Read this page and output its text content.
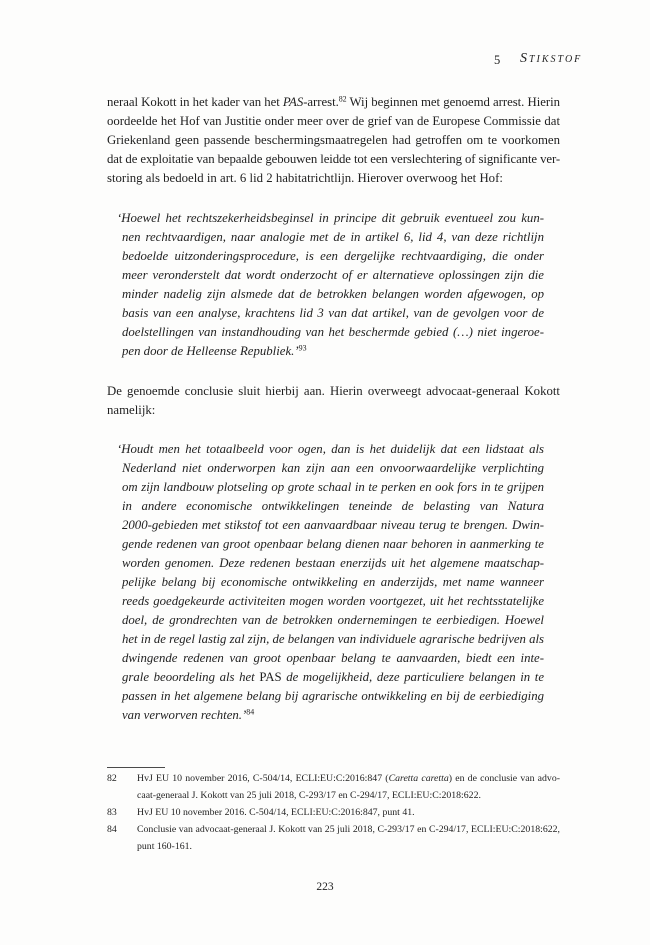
5 Stikstof
neraal Kokott in het kader van het PAS-arrest.$^{82}$ Wij beginnen met genoemd arrest. Hierin
oordeelde het Hof van Justitie onder meer over de grief van de Europese Commissie dat
Griekenland geen passende beschermingsmaatregelen had getroffen om te voorkomen
dat de exploitatie van bepaalde gebouwen leidde tot een verslechtering of significante ver-
storing als bedoeld in art. 6 lid 2 habitatrichtlijn. Hierover overwoog het Hof:
‘Hoewel het rechtszekerheidsbeginsel in principe dit gebruik eventueel zou kun-
nen rechtvaardigen, naar analogie met de in artikel 6, lid 4, van deze richtlijn
bedoelde uitzonderingsprocedure, is een dergelijke rechtvaardiging, die onder
meer veronderstelt dat wordt onderzocht of er alternatieve oplossingen zijn die
minder nadelig zijn alsmede dat de betrokken belangen worden afgewogen, op
basis van een analyse, krachtens lid 3 van dat artikel, van de gevolgen voor de
doelstellingen van instandhouding van het beschermde gebied (…) niet ingeroe-
pen door de Helleense Republiek.’$^{93}$
De genoemde conclusie sluit hierbij aan. Hierin overweegt advocaat-generaal Kokott
namelijk:
‘Houdt men het totaalbeeld voor ogen, dan is het duidelijk dat een lidstaat als
Nederland niet onderworpen kan zijn aan een onvoorwaardelijke verplichting
om zijn landbouw plotseling op grote schaal in te perken en ook fors in te grijpen
in andere economische ontwikkelingen teneinde de belasting van Natura
2000-gebieden met stikstof tot een aanvaardbaar niveau terug te brengen. Dwin-
gende redenen van groot openbaar belang dienen naar behoren in aanmerking te
worden genomen. Deze redenen bestaan enerzijds uit het algemene maatschap-
pelijke belang bij economische ontwikkeling en anderzijds, met name wanneer
reeds goedgekeurde activiteiten mogen worden voortgezet, uit het rechtsstatelijke
doel, de grondrechten van de betrokken ondernemingen te eerbiedigen. Hoewel
het in de regel lastig zal zijn, de belangen van individuele agrarische bedrijven als
dwingende redenen van groot openbaar belang te aanvaarden, biedt een inte-
grale beoordeling als het PAS de mogelijkheid, deze particuliere belangen in te
passen in het algemene belang bij agrarische ontwikkeling en bij de eerbiediging
van verworven rechten.’$^{84}$
82 HvJ EU 10 november 2016, C-504/14, ECLI:EU:C:2016:847 (Caretta caretta) en de conclusie van advo-
caat-generaal J. Kokott van 25 juli 2018, C-293/17 en C-294/17, ECLI:EU:C:2018:622.
83 HvJ EU 10 november 2016. C-504/14, ECLI:EU:C:2016:847, punt 41.
84 Conclusie van advocaat-generaal J. Kokott van 25 juli 2018, C-293/17 en C-294/17, ECLI:EU:C:2018:622,
punt 160-161.
223
